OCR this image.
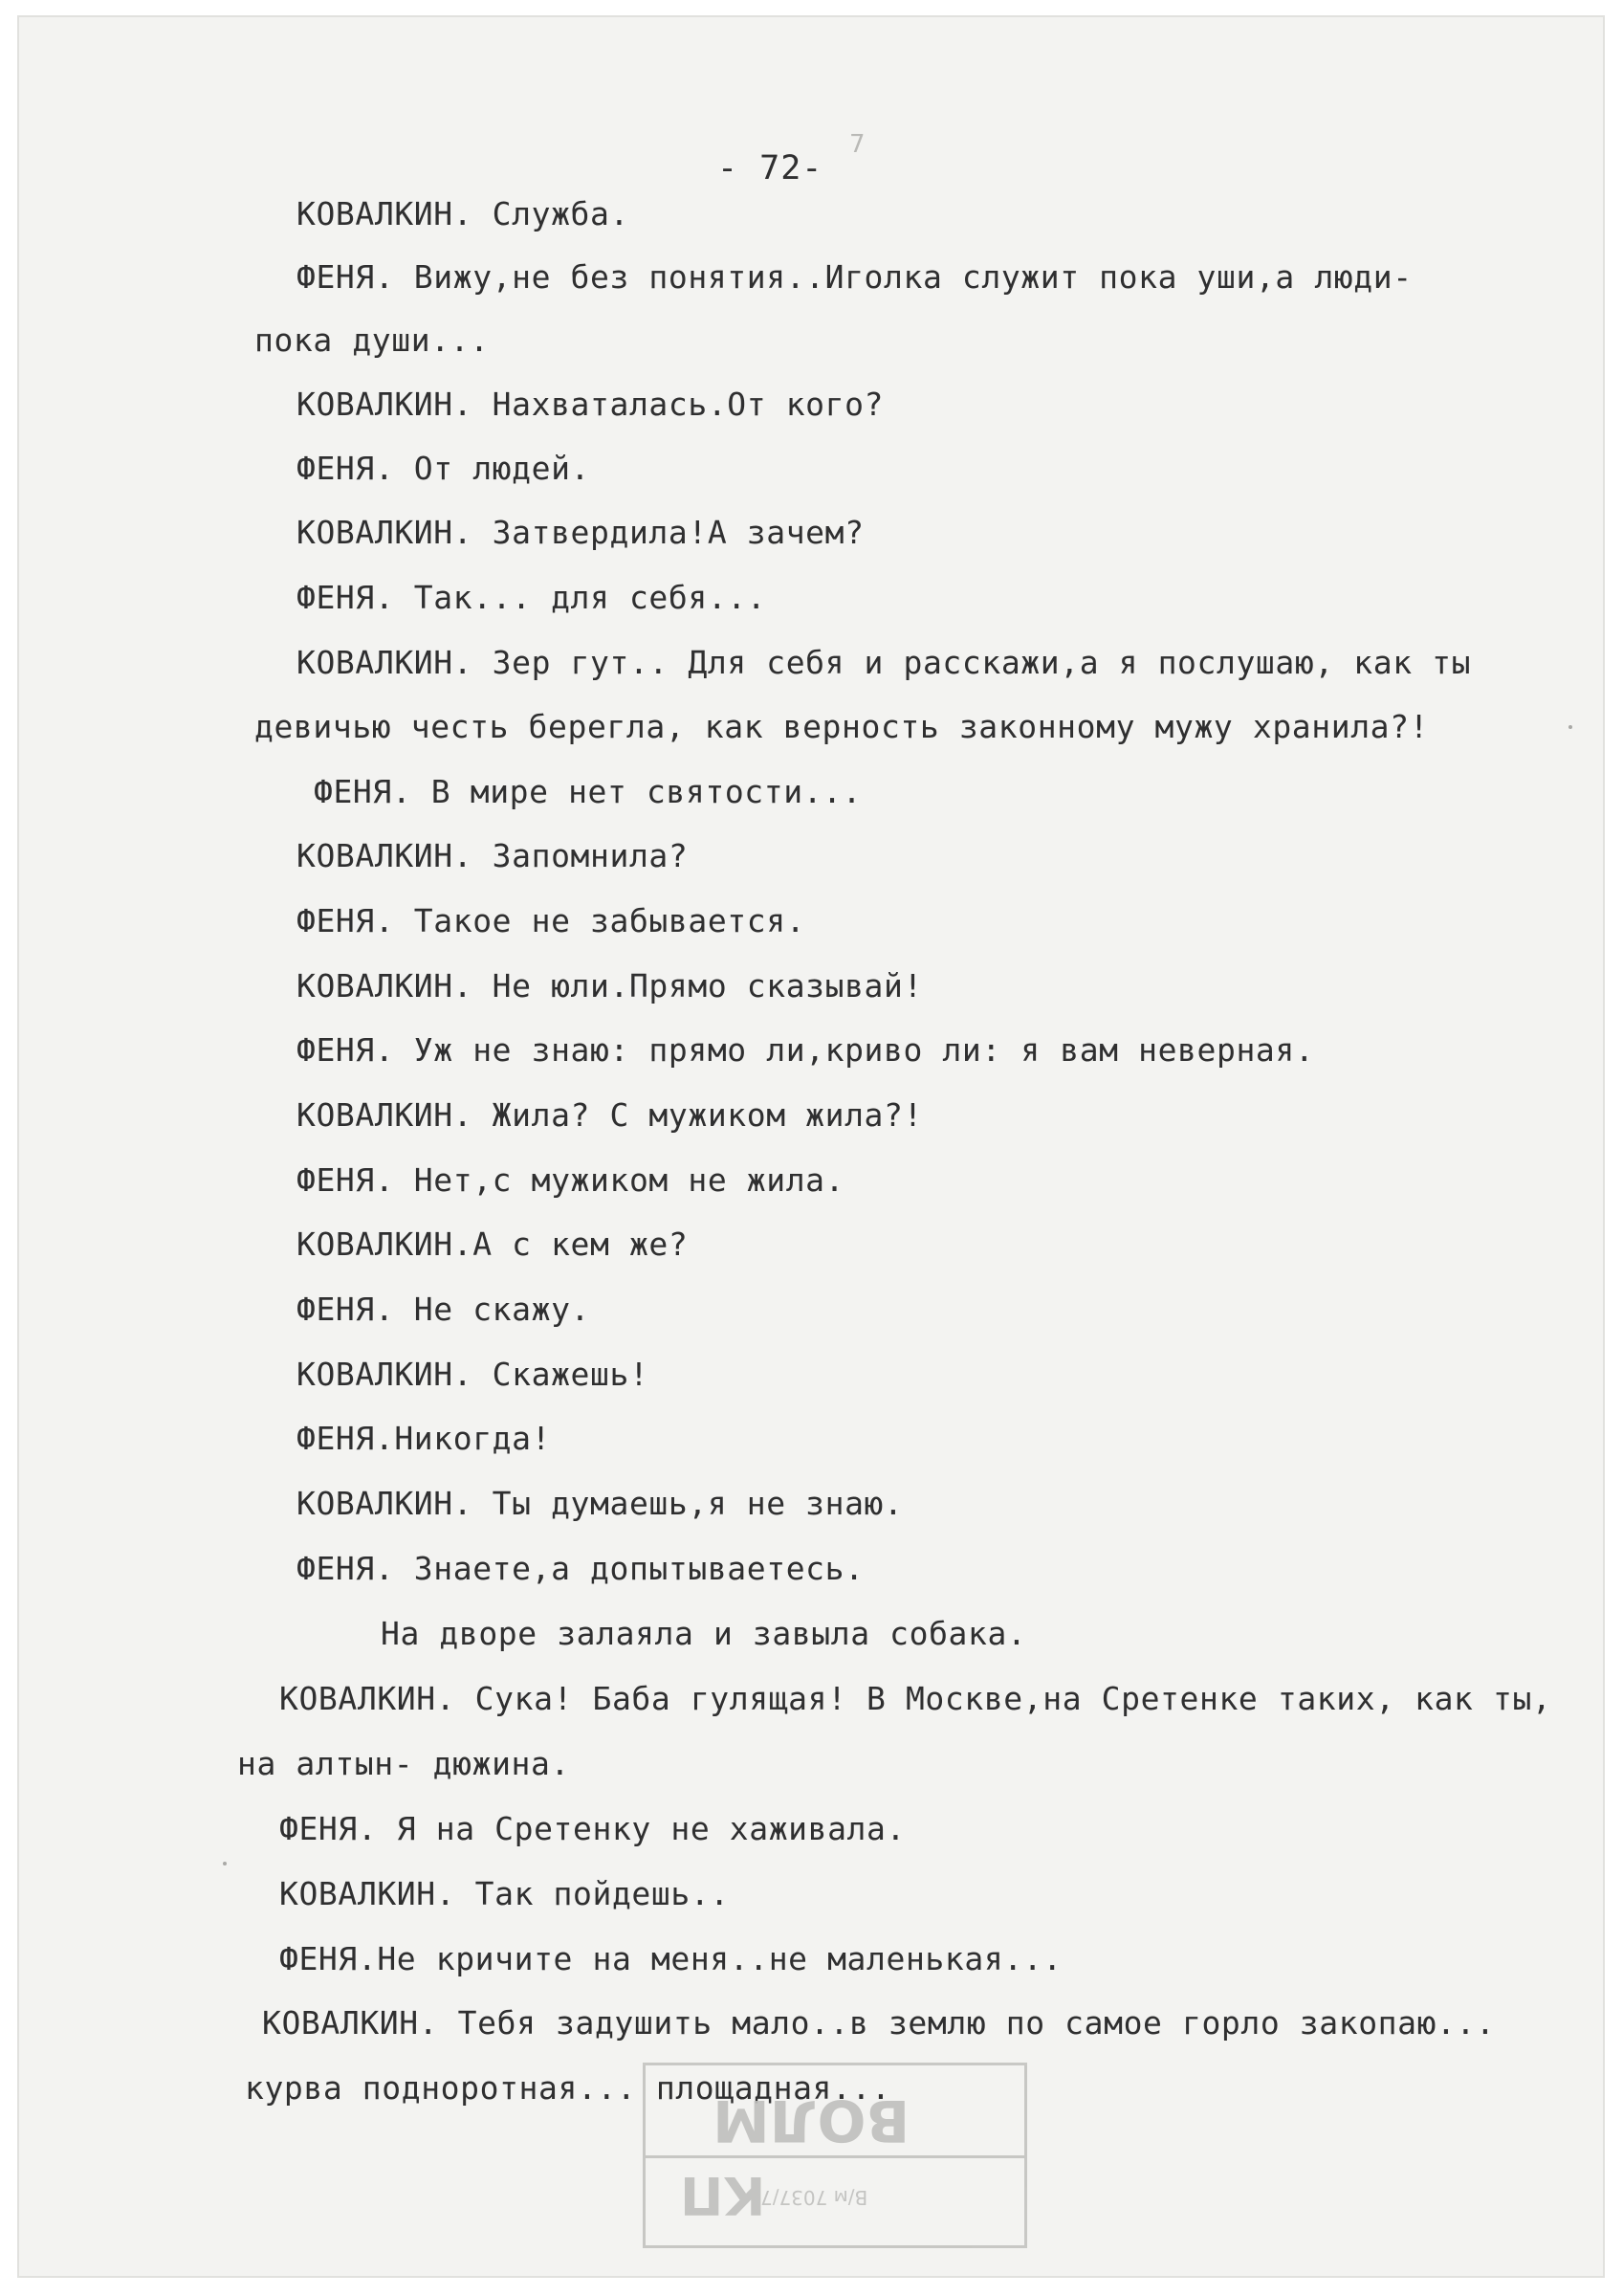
- 72-
7
КОВАЛКИН. Служба.
ФЕНЯ. Вижу,не без понятия..Иголка служит пока уши,а люди-
пока души...
КОВАЛКИН. Нахваталась.От кого?
ФЕНЯ. От людей.
КОВАЛКИН. Затвердила!А зачем?
ФЕНЯ. Так... для себя...
КОВАЛКИН. Зер гут.. Для себя и расскажи,а я послушаю, как ты
девичью честь берегла, как верность законному мужу хранила?!
ФЕНЯ. В мире нет святости...
КОВАЛКИН. Запомнила?
ФЕНЯ. Такое не забывается.
КОВАЛКИН. Не юли.Прямо сказывай!
ФЕНЯ. Уж не знаю: прямо ли,криво ли: я вам неверная.
КОВАЛКИН. Жила? С мужиком жила?!
ФЕНЯ. Нет,с мужиком не жила.
КОВАЛКИН.А с кем же?
ФЕНЯ. Не скажу.
КОВАЛКИН. Скажешь!
ФЕНЯ.Никогда!
КОВАЛКИН. Ты думаешь,я не знаю.
ФЕНЯ. Знаете,а допытываетесь.
На дворе залаяла и завыла собака.
КОВАЛКИН. Сука! Баба гулящая! В Москве,на Сретенке таких, как ты,
на алтын- дюжина.
ФЕНЯ. Я на Сретенку не хаживала.
КОВАЛКИН. Так пойдешь..
ФЕНЯ.Не кричите на меня..не маленькая...
КОВАЛКИН. Тебя задушить мало..в землю по самое горло закопаю...
курва подноротная... площадная...
ВОЛМ
КП
В/м 7037/7
